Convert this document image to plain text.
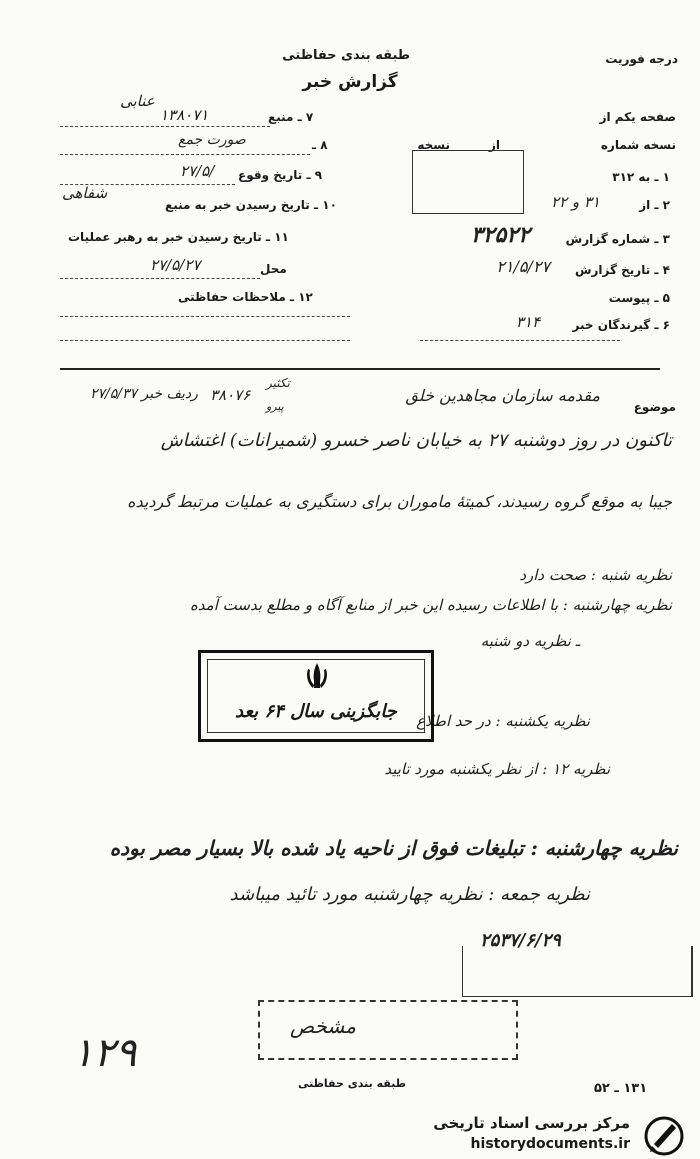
طبقه بندی حفاظتی	درجه فوریت
گزارش خبر
صفحه یکم از
نسخه شماره
از
نسخه
۱ ـ به ۳۱۲
۲ ـ از
۳۱ و ۲۲
۳ ـ شماره گزارش
۳۲۵۲۲
۴ ـ تاریخ گزارش
۲۱/۵/۲۷
۵ ـ پیوست
۶ ـ گیرندگان خبر
۳۱۴
۷ ـ منبع
۱۳۸۰۷۱
عنابی
۸ ـ
صورت جمع
۹ ـ تاریخ وقوع
۲۷/۵/
۱۰ ـ تاریخ رسیدن خبر به منبع
شفاهی
۱۱ ـ تاریخ رسیدن خبر به رهبر عملیات
محل
۲۷/۵/۲۷
۱۲ ـ ملاحظات حفاظتی
موضوع
مقدمه سازمان مجاهدین خلق
۳۸۰۷۶
تکثیر
پیرو
ردیف خبر ۲۷/۵/۳۷
تاکنون در روز دوشنبه ۲۷ به خیابان ناصر خسرو (شمیرانات) اغتشاش
جیبا به موقع گروه رسیدند، کمیتهٔ ماموران برای دستگیری به عملیات مرتبط گردیده
نظریه شنبه : صحت دارد
نظریه چهارشنبه : با اطلاعات رسیده این خبر از منابع آگاه و مطلع بدست آمده
ـ نظریه دو شنبه
نظریه یکشنبه : در حد اطلاع
نظریه ۱۲ : از نظر یکشنبه مورد تایید
نظریه چهارشنبه : تبلیغات فوق از ناحیه یاد شده بالا بسیار مصر بوده
نظریه جمعه : نظریه چهارشنبه مورد تائید میباشد
جابگزینی سال ۶۴ بعد
۲۵۳۷/۶/۲۹
مشخص
۱۲۹
طبقه بندی حفاظتی	۱۳۱ ـ ۵۲
مرکز بررسی اسناد تاریخی
historydocuments.ir
